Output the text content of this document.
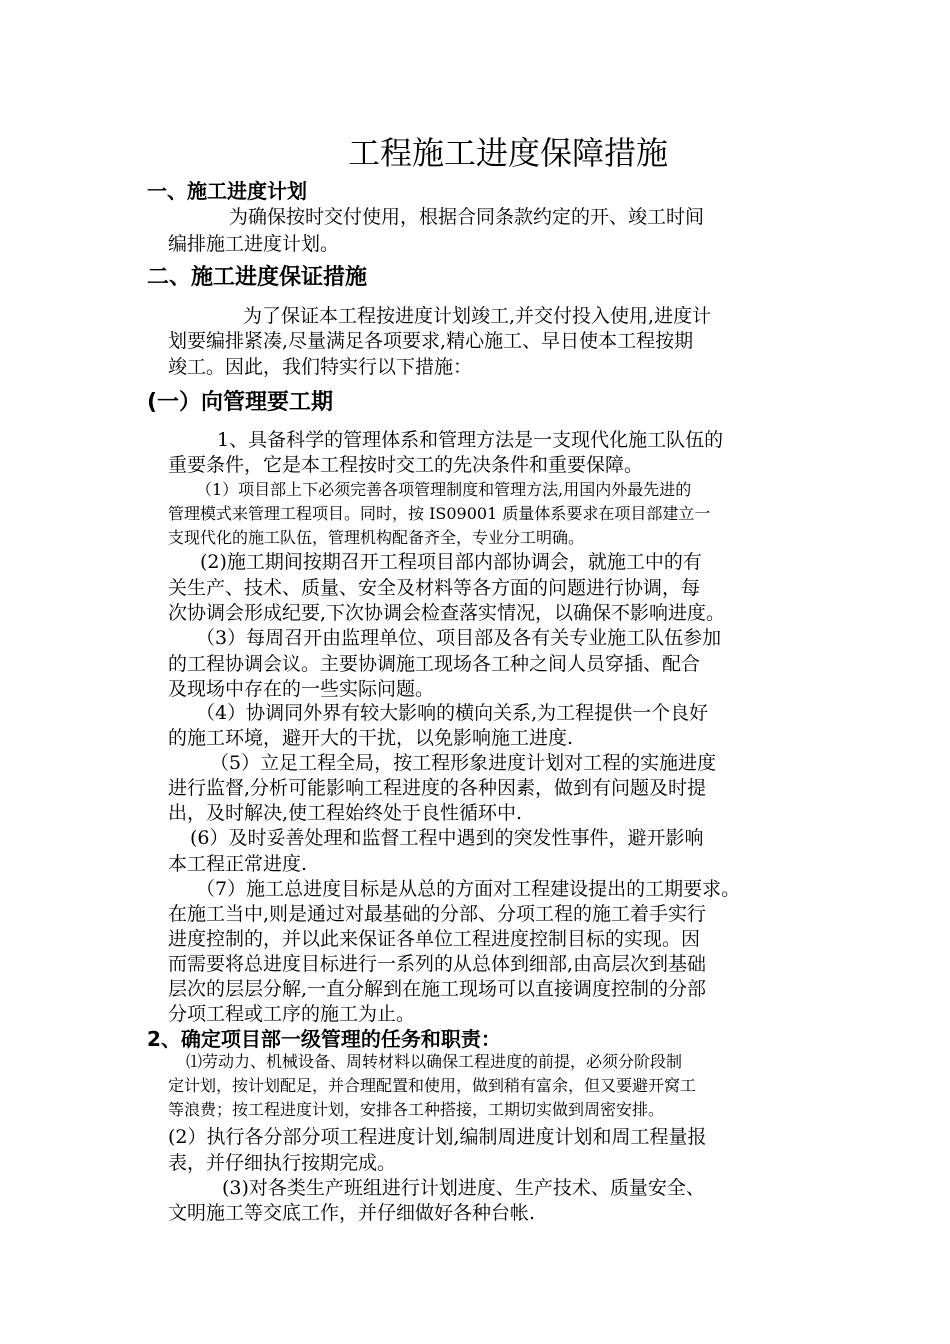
工程施工进度保障措施
一、施工进度计划
为确保按时交付使用，根据合同条款约定的开、竣工时间
编排施工进度计划。
二、施工进度保证措施
为了保证本工程按进度计划竣工,并交付投入使用,进度计
划要编排紧凑,尽量满足各项要求,精心施工、早日使本工程按期
竣工。因此，我们特实行以下措施：
(一）向管理要工期
1、具备科学的管理体系和管理方法是一支现代化施工队伍的
重要条件，它是本工程按时交工的先决条件和重要保障。
（1）项目部上下必须完善各项管理制度和管理方法,用国内外最先进的
管理模式来管理工程项目。同时，按 IS09001 质量体系要求在项目部建立一
支现代化的施工队伍，管理机构配备齐全，专业分工明确。
(2)施工期间按期召开工程项目部内部协调会，就施工中的有
关生产、技术、质量、安全及材料等各方面的问题进行协调，每
次协调会形成纪要,下次协调会检查落实情况，以确保不影响进度。
（3）每周召开由监理单位、项目部及各有关专业施工队伍参加
的工程协调会议。主要协调施工现场各工种之间人员穿插、配合
及现场中存在的一些实际问题。
（4）协调同外界有较大影响的横向关系,为工程提供一个良好
的施工环境，避开大的干扰，以免影响施工进度.
（5）立足工程全局，按工程形象进度计划对工程的实施进度
进行监督,分析可能影响工程进度的各种因素，做到有问题及时提
出，及时解决,使工程始终处于良性循环中.
(6）及时妥善处理和监督工程中遇到的突发性事件，避开影响
本工程正常进度.
（7）施工总进度目标是从总的方面对工程建设提出的工期要求。
在施工当中,则是通过对最基础的分部、分项工程的施工着手实行
进度控制的，并以此来保证各单位工程进度控制目标的实现。因
而需要将总进度目标进行一系列的从总体到细部,由高层次到基础
层次的层层分解,一直分解到在施工现场可以直接调度控制的分部
分项工程或工序的施工为止。
2、确定项目部一级管理的任务和职责：
⑴劳动力、机械设备、周转材料以确保工程进度的前提，必须分阶段制
定计划，按计划配足，并合理配置和使用，做到稍有富余，但又要避开窝工
等浪费；按工程进度计划，安排各工种搭接，工期切实做到周密安排。
(2）执行各分部分项工程进度计划,编制周进度计划和周工程量报
表，并仔细执行按期完成。
(3)对各类生产班组进行计划进度、生产技术、质量安全、
文明施工等交底工作，并仔细做好各种台帐.
